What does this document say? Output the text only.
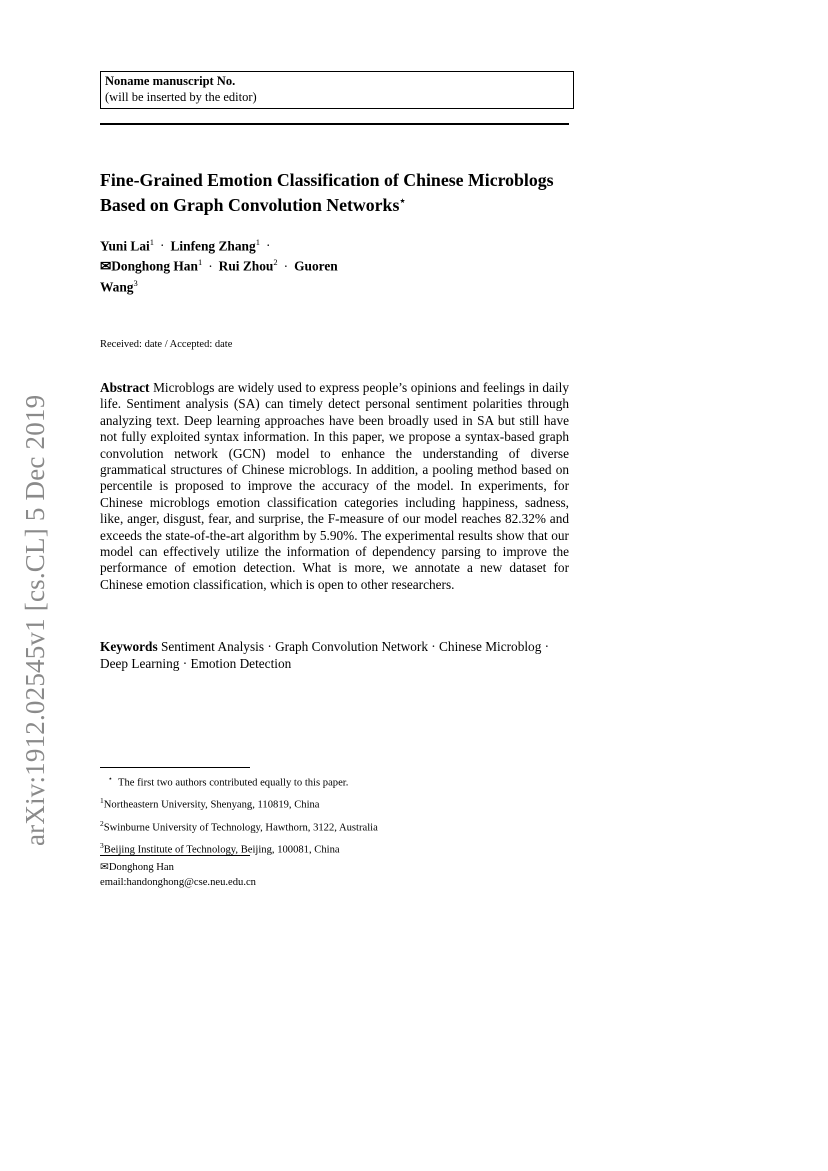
arXiv:1912.02545v1 [cs.CL] 5 Dec 2019
Noname manuscript No.
(will be inserted by the editor)
Fine-Grained Emotion Classification of Chinese Microblogs Based on Graph Convolution Networks⋆
Yuni Lai$^1$ · Linfeng Zhang$^1$ ·
✉Donghong Han$^1$ · Rui Zhou$^2$ · Guoren
Wang$^3$
Received: date / Accepted: date
Abstract Microblogs are widely used to express people’s opinions and feelings in daily life. Sentiment analysis (SA) can timely detect personal sentiment polarities through analyzing text. Deep learning approaches have been broadly used in SA but still have not fully exploited syntax information. In this paper, we propose a syntax-based graph convolution network (GCN) model to enhance the understanding of diverse grammatical structures of Chinese microblogs. In addition, a pooling method based on percentile is proposed to improve the accuracy of the model. In experiments, for Chinese microblogs emotion classification categories including happiness, sadness, like, anger, disgust, fear, and surprise, the F-measure of our model reaches 82.32% and exceeds the state-of-the-art algorithm by 5.90%. The experimental results show that our model can effectively utilize the information of dependency parsing to improve the performance of emotion detection. What is more, we annotate a new dataset for Chinese emotion classification, which is open to other researchers.
Keywords Sentiment Analysis · Graph Convolution Network · Chinese Microblog · Deep Learning · Emotion Detection
⋆ The first two authors contributed equally to this paper.
$^1$Northeastern University, Shenyang, 110819, China
$^2$Swinburne University of Technology, Hawthorn, 3122, Australia
$^3$Beijing Institute of Technology, Beijing, 100081, China
✉Donghong Han
email:handonghong@cse.neu.edu.cn
